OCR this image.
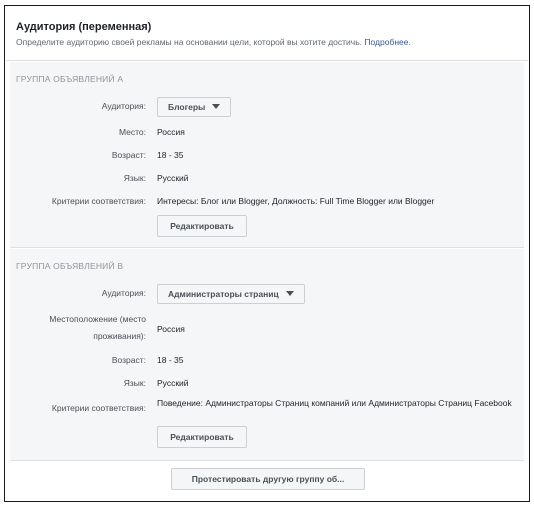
Аудитория (переменная)
Определите аудиторию своей рекламы на основании цели, которой вы хотите достичь. Подробнее.
ГРУППА ОБЪЯВЛЕНИЙ А
Аудитория:	Блогеры
Место: Россия
Возраст: 18 - 35
Язык: Русский
Критерии соответствия: Интересы: Блог или Blogger, Должность: Full Time Blogger или Blogger
Редактировать
ГРУППА ОБЪЯВЛЕНИЙ В
Аудитория:	Администраторы страниц
Местоположение (место
проживания):
Россия
Возраст: 18 - 35
Язык: Русский
Критерии соответствия: Поведение: Администраторы Страниц компаний или Администраторы Страниц Facebook
Редактировать
Протестировать другую группу об...
